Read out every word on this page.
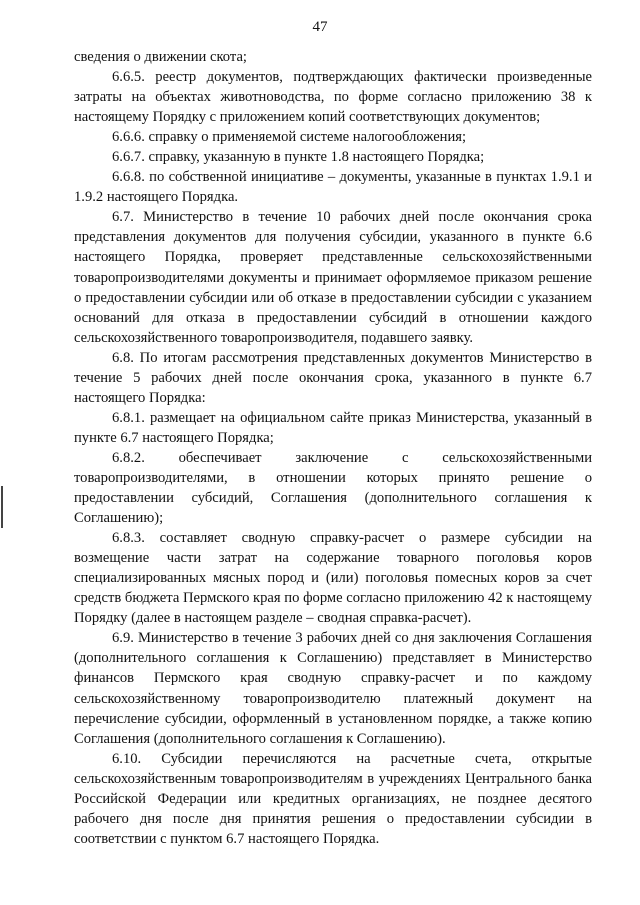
47

сведения о движении скота;

6.6.5. реестр документов, подтверждающих фактически произведенные затраты на объектах животноводства, по форме согласно приложению 38 к настоящему Порядку с приложением копий соответствующих документов;

6.6.6. справку о применяемой системе налогообложения;

6.6.7. справку, указанную в пункте 1.8 настоящего Порядка;

6.6.8. по собственной инициативе – документы, указанные в пунктах 1.9.1 и 1.9.2 настоящего Порядка.

6.7. Министерство в течение 10 рабочих дней после окончания срока представления документов для получения субсидии, указанного в пункте 6.6 настоящего Порядка, проверяет представленные сельскохозяйственными товаропроизводителями документы и принимает оформляемое приказом решение о предоставлении субсидии или об отказе в предоставлении субсидии с указанием оснований для отказа в предоставлении субсидий в отношении каждого сельскохозяйственного товаропроизводителя, подавшего заявку.

6.8. По итогам рассмотрения представленных документов Министерство в течение 5 рабочих дней после окончания срока, указанного в пункте 6.7 настоящего Порядка:

6.8.1. размещает на официальном сайте приказ Министерства, указанный в пункте 6.7 настоящего Порядка;

6.8.2. обеспечивает заключение с сельскохозяйственными товаропроизводителями, в отношении которых принято решение о предоставлении субсидий, Соглашения (дополнительного соглашения к Соглашению);

6.8.3. составляет сводную справку-расчет о размере субсидии на возмещение части затрат на содержание товарного поголовья коров специализированных мясных пород и (или) поголовья помесных коров за счет средств бюджета Пермского края по форме согласно приложению 42 к настоящему Порядку (далее в настоящем разделе – сводная справка-расчет).

6.9. Министерство в течение 3 рабочих дней со дня заключения Соглашения (дополнительного соглашения к Соглашению) представляет в Министерство финансов Пермского края сводную справку-расчет и по каждому сельскохозяйственному товаропроизводителю платежный документ на перечисление субсидии, оформленный в установленном порядке, а также копию Соглашения (дополнительного соглашения к Соглашению).

6.10. Субсидии перечисляются на расчетные счета, открытые сельскохозяйственным товаропроизводителям в учреждениях Центрального банка Российской Федерации или кредитных организациях, не позднее десятого рабочего дня после дня принятия решения о предоставлении субсидии в соответствии с пунктом 6.7 настоящего Порядка.
